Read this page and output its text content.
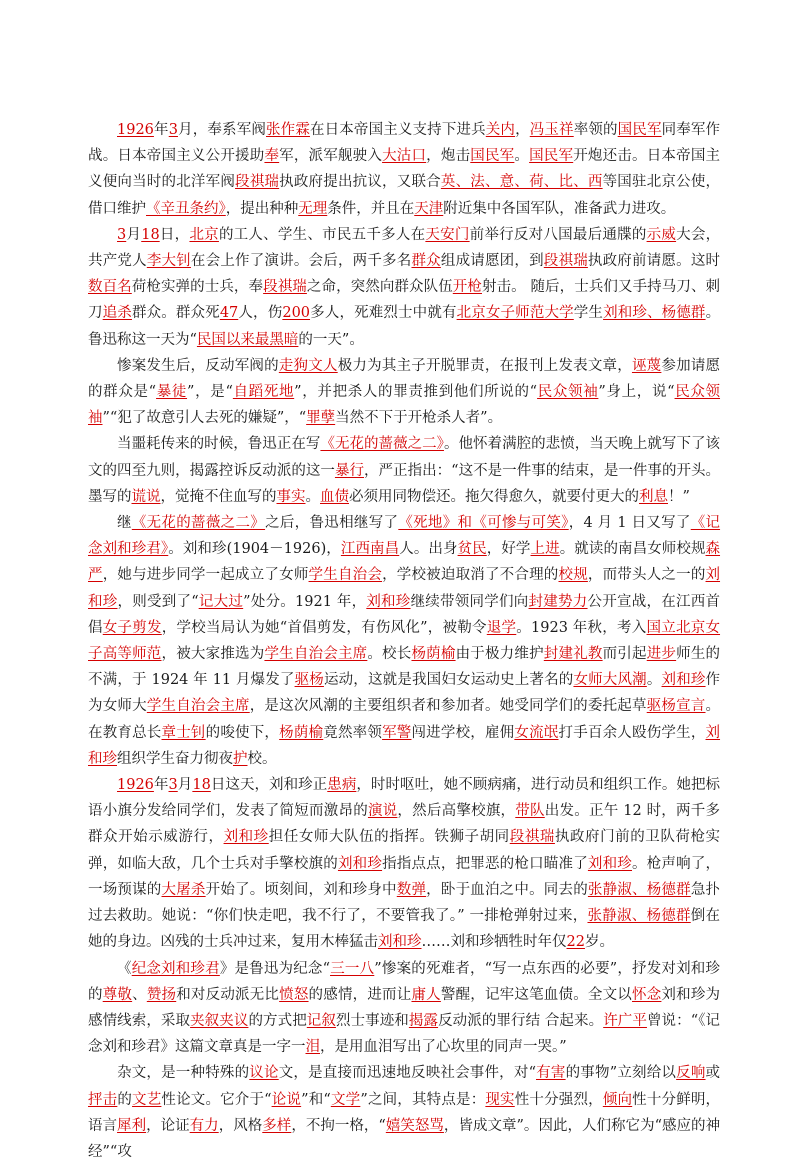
1926年3月，奉系军阀张作霖在日本帝国主义支持下进兵关内，冯玉祥率领的国民军同奉军作战。日本帝国主义公开援助奉军，派军舰驶入大沽口，炮击国民军。国民军开炮还击。日本帝国主义便向当时的北洋军阀段祺瑞执政府提出抗议，又联合英、法、意、荷、比、西等国驻北京公使，借口维护《辛丑条约》，提出种种无理条件，并且在天津附近集中各国军队，准备武力进攻。

3月18日，北京的工人、学生、市民五千多人在天安门前举行反对八国最后通牒的示威大会，共产党人李大钊在会上作了演讲。会后，两千多名群众组成请愿团，到段祺瑞执政府前请愿。这时数百名荷枪实弹的士兵，奉段祺瑞之命，突然向群众队伍开枪射击。 随后，士兵们又手持马刀、刺刀追杀群众。群众死47人，伤200多人，死难烈士中就有北京女子师范大学学生刘和珍、杨德群。鲁迅称这一天为“民国以来最黑暗的一天”。

惨案发生后，反动军阀的走狗文人极力为其主子开脱罪责，在报刊上发表文章，诬蔑参加请愿的群众是“暴徒”，是“自蹈死地”，并把杀人的罪责推到他们所说的“民众领袖”身上，说“民众领袖”“犯了故意引人去死的嫌疑”，“罪孽当然不下于开枪杀人者”。

当噩耗传来的时候，鲁迅正在写《无花的蔷薇之二》。他怀着满腔的悲愤，当天晚上就写下了该文的四至九则，揭露控诉反动派的这一暴行，严正指出：“这不是一件事的结束，是一件事的开头。墨写的谎说，觉掩不住血写的事实。血债必须用同物偿还。拖欠得愈久，就要付更大的利息！”

继《无花的蔷薇之二》之后，鲁迅相继写了《死地》和《可惨与可笑》，4 月 1 日又写了《记念刘和珍君》。刘和珍(1904－1926)，江西南昌人。出身贫民，好学上进。就读的南昌女师校规森严，她与进步同学一起成立了女师学生自治会，学校被迫取消了不合理的校规，而带头人之一的刘和珍，则受到了“记大过”处分。1921 年，刘和珍继续带领同学们向封建势力公开宣战，在江西首倡女子剪发，学校当局认为她“首倡剪发，有伤风化”，被勒令退学。1923 年秋，考入国立北京女子高等师范，被大家推选为学生自治会主席。校长杨荫榆由于极力维护封建礼教而引起进步师生的不满，于 1924 年 11 月爆发了驱杨运动，这就是我国妇女运动史上著名的女师大风潮。刘和珍作为女师大学生自治会主席，是这次风潮的主要组织者和参加者。她受同学们的委托起草驱杨宣言。在教育总长章士钊的唆使下，杨荫榆竟然率领军警闯进学校，雇佣女流氓打手百余人殴伤学生，刘和珍组织学生奋力彻夜护校。

1926年3月18日这天，刘和珍正患病，时时呕吐，她不顾病痛，进行动员和组织工作。她把标语小旗分发给同学们，发表了简短而激昂的演说，然后高擎校旗，带队出发。正午 12 时，两千多群众开始示威游行，刘和珍担任女师大队伍的指挥。铁狮子胡同段祺瑞执政府门前的卫队荷枪实弹，如临大敌，几个士兵对手擎校旗的刘和珍指指点点，把罪恶的枪口瞄准了刘和珍。枪声响了，一场预谋的大屠杀开始了。顷刻间，刘和珍身中数弹，卧于血泊之中。同去的张静淑、杨德群急扑过去救助。她说：“你们快走吧，我不行了，不要管我了。” 一排枪弹射过来，张静淑、杨德群倒在她的身边。凶残的士兵冲过来，复用木棒猛击刘和珍……刘和珍牺牲时年仅22岁。

《纪念刘和珍君》是鲁迅为纪念“三一八”惨案的死难者，“写一点东西的必要”，抒发对刘和珍的尊敬、赞扬和对反动派无比愤怒的感情，进而让庸人警醒，记牢这笔血债。全文以怀念刘和珍为感情线索，采取夹叙夹议的方式把记叙烈士事迹和揭露反动派的罪行结 合起来。许广平曾说：“《记念刘和珍君》这篇文章真是一字一泪，是用血泪写出了心坎里的同声一哭。”

杂文，是一种特殊的议论文，是直接而迅速地反映社会事件，对“有害的事物”立刻给以反响或抨击的文艺性论文。它介于“论说”和“文学”之间，其特点是：现实性十分强烈，倾向性十分鲜明，语言犀利，论证有力，风格多样，不拘一格，“嬉笑怒骂，皆成文章”。因此，人们称它为“感应的神经”“攻
